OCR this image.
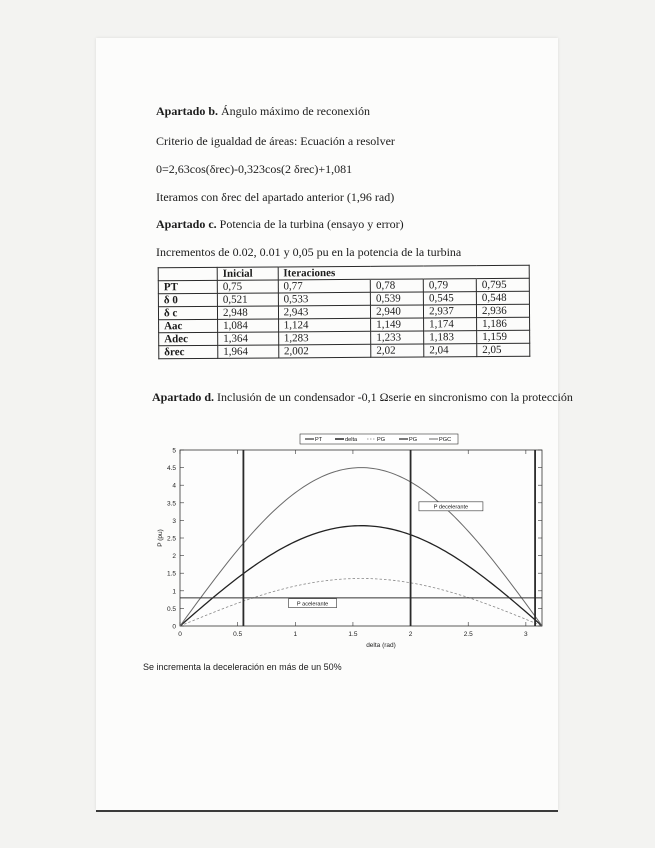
Apartado b. Ángulo máximo de reconexión
Criterio de igualdad de áreas: Ecuación a resolver
0=2,63cos(δrec)-0,323cos(2 δrec)+1,081
Iteramos con δrec del apartado anterior (1,96 rad)
Apartado c. Potencia de la turbina (ensayo y error)
Incrementos de 0.02, 0.01 y 0,05 pu en la potencia de la turbina
	Inicial	Iteraciones			
PT	0,75	0,77	0,78	0,79	0,795
δ 0	0,521	0,533	0,539	0,545	0,548
δ c	2,948	2,943	2,940	2,937	2,936
Aac	1,084	1,124	1,149	1,174	1,186
Adec	1,364	1,283	1,233	1,183	1,159
δrec	1,964	2,002	2,02	2,04	2,05
Apartado d. Inclusión de un condensador -0,1 Ωserie en sincronismo con la protección
0
0.5
1
1.5
2
2.5
3
3.5
4
4.5
5
0	0.5	1	1.5	2	2.5	3
delta (rad)
P (pu)
P decelerante
P acelerante
PT	delta	PG	PG	PGC
Se incrementa la deceleración en más de un 50%
